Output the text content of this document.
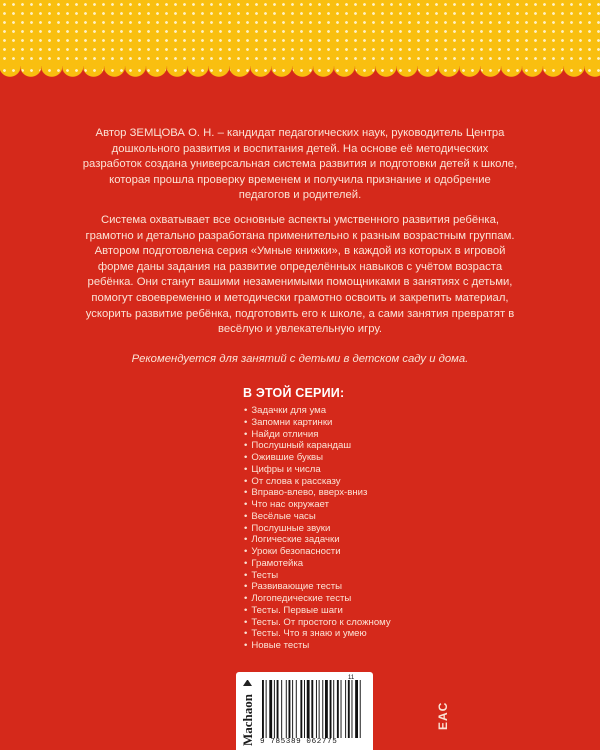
Автор ЗЕМЦОВА О. Н. – кандидат педагогических наук, руководитель Центра дошкольного развития и воспитания детей. На основе её методических разработок создана универсальная система развития и подготовки детей к школе, которая прошла проверку временем и получила признание и одобрение педагогов и родителей.

Система охватывает все основные аспекты умственного развития ребёнка, грамотно и детально разработана применительно к разным возрастным группам. Автором подготовлена серия «Умные книжки», в каждой из которых в игровой форме даны задания на развитие определённых навыков с учётом возраста ребёнка. Они станут вашими незаменимыми помощниками в занятиях с детьми, помогут своевременно и методически грамотно освоить и закрепить материал, ускорить развитие ребёнка, подготовить его к школе, а сами занятия превратят в весёлую и увлекательную игру.

Рекомендуется для занятий с детьми в детском саду и дома.
В ЭТОЙ СЕРИИ:
• Задачки для ума
• Запомни картинки
• Найди отличия
• Послушный карандаш
• Ожившие буквы
• Цифры и числа
• От слова к рассказу
• Вправо-влево, вверх-вниз
• Что нас окружает
• Весёлые часы
• Послушные звуки
• Логические задачки
• Уроки безопасности
• Грамотейка
• Тесты
• Развивающие тесты
• Логопедические тесты
• Тесты. Первые шаги
• Тесты. От простого к сложному
• Тесты. Что я знаю и умею
• Новые тесты
Machaon
11
9 785389 062775
EAC
